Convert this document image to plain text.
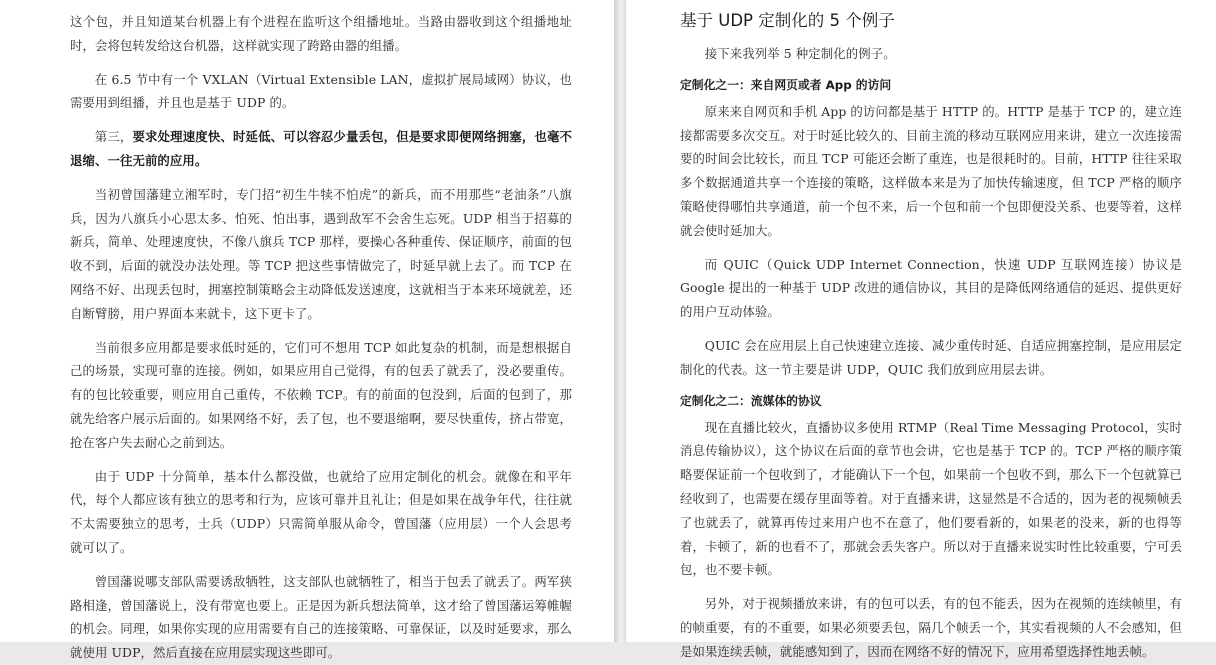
这个包，并且知道某台机器上有个进程在监听这个组播地址。当路由器收到这个组播地址时，会将包转发给这台机器，这样就实现了跨路由器的组播。

在 6.5 节中有一个 VXLAN（Virtual Extensible LAN，虚拟扩展局域网）协议，也需要用到组播，并且也是基于 UDP 的。

第三，要求处理速度快、时延低、可以容忍少量丢包，但是要求即便网络拥塞，也毫不退缩、一往无前的应用。

当初曾国藩建立湘军时，专门招“初生牛犊不怕虎”的新兵，而不用那些“老油条”八旗兵，因为八旗兵小心思太多、怕死、怕出事，遇到敌军不会舍生忘死。UDP 相当于招募的新兵，简单、处理速度快，不像八旗兵 TCP 那样，要操心各种重传、保证顺序，前面的包收不到，后面的就没办法处理。等 TCP 把这些事情做完了，时延早就上去了。而 TCP 在网络不好、出现丢包时，拥塞控制策略会主动降低发送速度，这就相当于本来环境就差，还自断臂膀，用户界面本来就卡，这下更卡了。

当前很多应用都是要求低时延的，它们可不想用 TCP 如此复杂的机制，而是想根据自己的场景，实现可靠的连接。例如，如果应用自己觉得，有的包丢了就丢了，没必要重传。有的包比较重要，则应用自己重传，不依赖 TCP。有的前面的包没到，后面的包到了，那就先给客户展示后面的。如果网络不好，丢了包，也不要退缩啊，要尽快重传，挤占带宽，抢在客户失去耐心之前到达。

由于 UDP 十分简单，基本什么都没做，也就给了应用定制化的机会。就像在和平年代，每个人都应该有独立的思考和行为，应该可靠并且礼让；但是如果在战争年代，往往就不太需要独立的思考，士兵（UDP）只需简单服从命令，曾国藩（应用层）一个人会思考就可以了。

曾国藩说哪支部队需要诱敌牺牲，这支部队也就牺牲了，相当于包丢了就丢了。两军狭路相逢，曾国藩说上，没有带宽也要上。正是因为新兵想法简单，这才给了曾国藩运筹帷幄的机会。同理，如果你实现的应用需要有自己的连接策略、可靠保证，以及时延要求，那么就使用 UDP，然后直接在应用层实现这些即可。

基于 UDP 定制化的 5 个例子

接下来我列举 5 种定制化的例子。

定制化之一：来自网页或者 App 的访问

原来来自网页和手机 App 的访问都是基于 HTTP 的。HTTP 是基于 TCP 的，建立连接都需要多次交互。对于时延比较久的、目前主流的移动互联网应用来讲，建立一次连接需要的时间会比较长，而且 TCP 可能还会断了重连，也是很耗时的。目前，HTTP 往往采取多个数据通道共享一个连接的策略，这样做本来是为了加快传输速度，但 TCP 严格的顺序策略使得哪怕共享通道，前一个包不来，后一个包和前一个包即便没关系、也要等着，这样就会使时延加大。

而 QUIC（Quick UDP Internet Connection，快速 UDP 互联网连接）协议是 Google 提出的一种基于 UDP 改进的通信协议，其目的是降低网络通信的延迟、提供更好的用户互动体验。

QUIC 会在应用层上自己快速建立连接、减少重传时延、自适应拥塞控制，是应用层定制化的代表。这一节主要是讲 UDP，QUIC 我们放到应用层去讲。

定制化之二：流媒体的协议

现在直播比较火，直播协议多使用 RTMP（Real Time Messaging Protocol，实时消息传输协议），这个协议在后面的章节也会讲，它也是基于 TCP 的。TCP 严格的顺序策略要保证前一个包收到了，才能确认下一个包，如果前一个包收不到，那么下一个包就算已经收到了，也需要在缓存里面等着。对于直播来讲，这显然是不合适的，因为老的视频帧丢了也就丢了，就算再传过来用户也不在意了，他们要看新的，如果老的没来，新的也得等着，卡顿了，新的也看不了，那就会丢失客户。所以对于直播来说实时性比较重要，宁可丢包，也不要卡顿。

另外，对于视频播放来讲，有的包可以丢，有的包不能丢，因为在视频的连续帧里，有的帧重要，有的不重要，如果必须要丢包，隔几个帧丢一个，其实看视频的人不会感知，但是如果连续丢帧，就能感知到了，因而在网络不好的情况下，应用希望选择性地丢帧。
